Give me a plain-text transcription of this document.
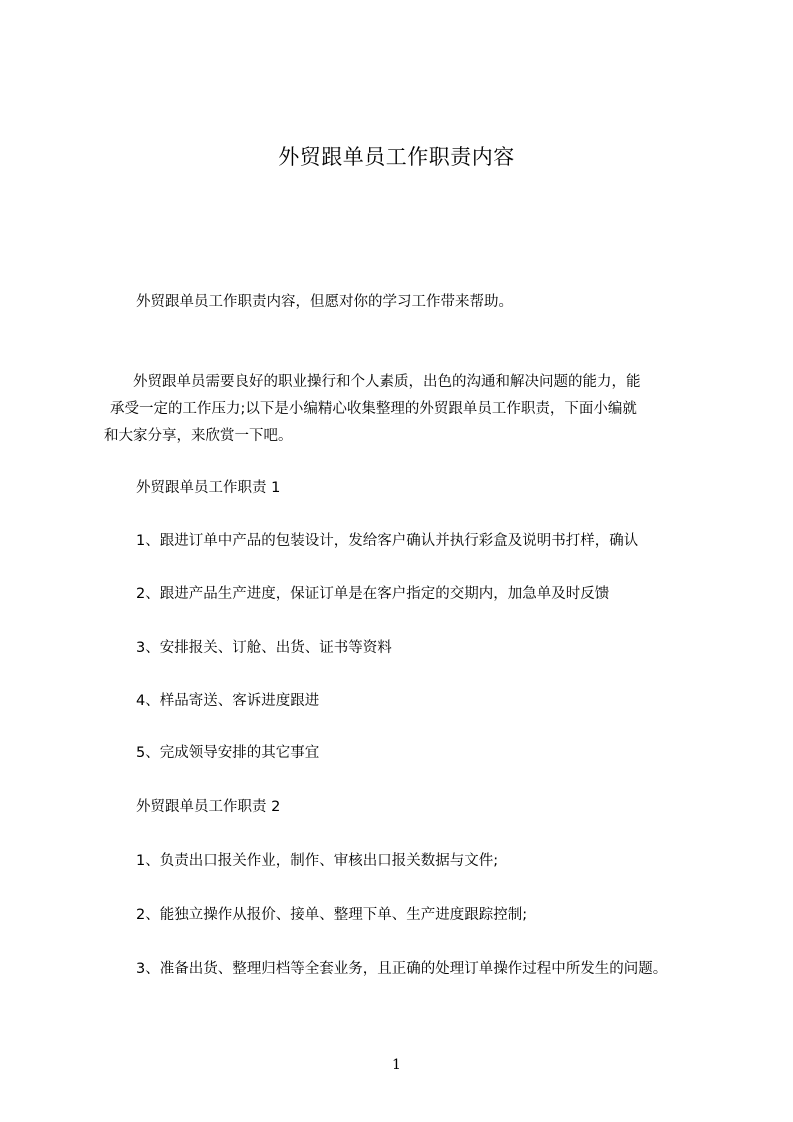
外贸跟单员工作职责内容
外贸跟单员工作职责内容，但愿对你的学习工作带来帮助。
　　外贸跟单员需要良好的职业操行和个人素质，出色的沟通和解决问题的能力，能
承受一定的工作压力;以下是小编精心收集整理的外贸跟单员工作职责，下面小编就
和大家分享，来欣赏一下吧。
外贸跟单员工作职责 1
1、跟进订单中产品的包装设计，发给客户确认并执行彩盒及说明书打样，确认
2、跟进产品生产进度，保证订单是在客户指定的交期内，加急单及时反馈
3、安排报关、订舱、出货、证书等资料
4、样品寄送、客诉进度跟进
5、完成领导安排的其它事宜
外贸跟单员工作职责 2
1、负责出口报关作业，制作、审核出口报关数据与文件;
2、能独立操作从报价、接单、整理下单、生产进度跟踪控制;
3、准备出货、整理归档等全套业务，且正确的处理订单操作过程中所发生的问题。
1
